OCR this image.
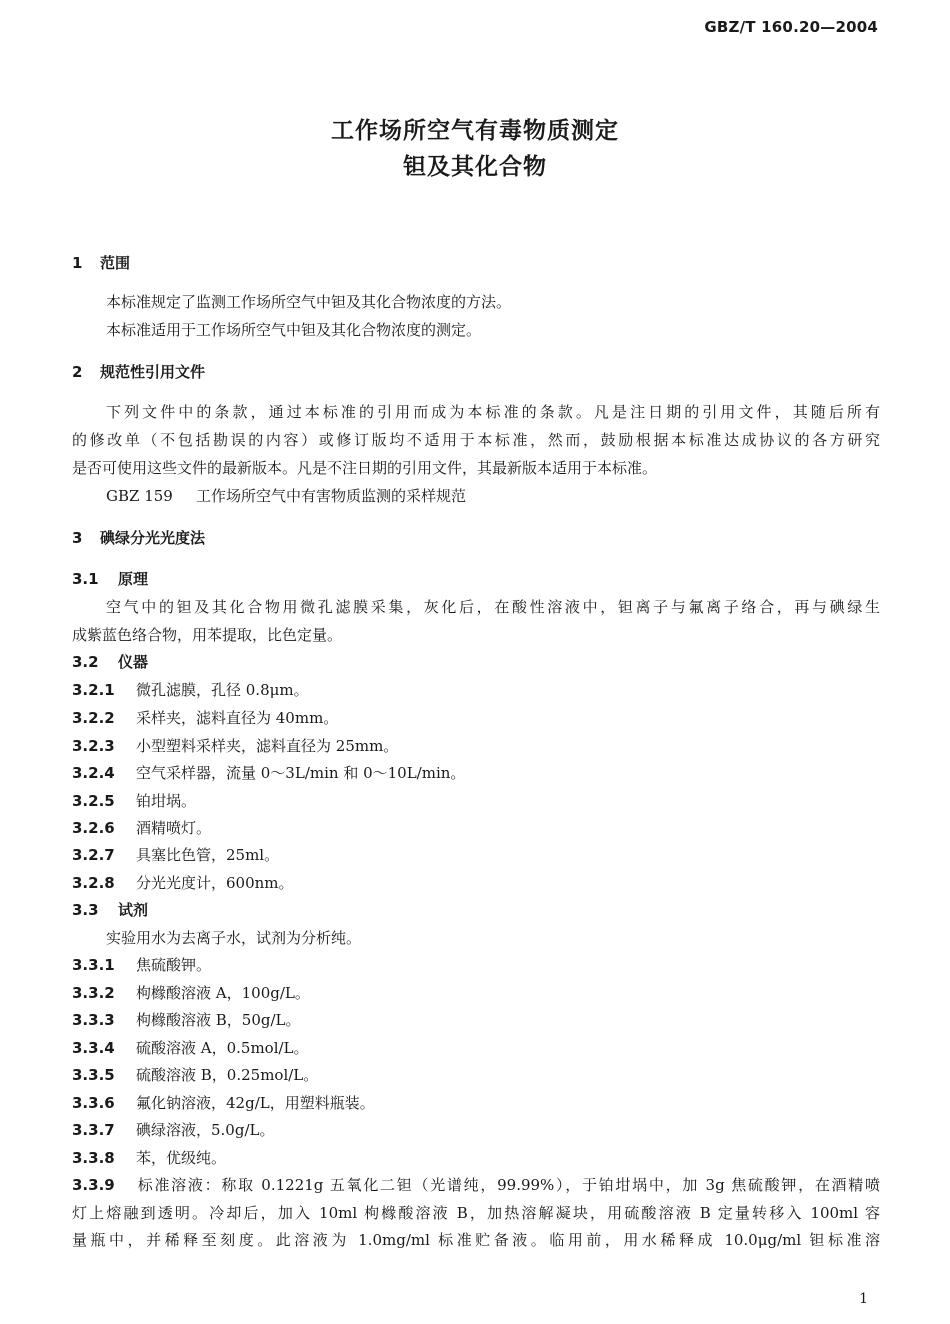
GBZ/T 160.20—2004
工作场所空气有毒物质测定
钽及其化合物
1 范围
本标准规定了监测工作场所空气中钽及其化合物浓度的方法。
本标准适用于工作场所空气中钽及其化合物浓度的测定。
2 规范性引用文件
下列文件中的条款，通过本标准的引用而成为本标准的条款。凡是注日期的引用文件，其随后所有
的修改单（不包括勘误的内容）或修订版均不适用于本标准，然而，鼓励根据本标准达成协议的各方研究
是否可使用这些文件的最新版本。凡是不注日期的引用文件，其最新版本适用于本标准。
GBZ 159 工作场所空气中有害物质监测的采样规范
3 碘绿分光光度法
3.1 原理
空气中的钽及其化合物用微孔滤膜采集，灰化后，在酸性溶液中，钽离子与氟离子络合，再与碘绿生
成紫蓝色络合物，用苯提取，比色定量。
3.2 仪器
3.2.1 微孔滤膜，孔径 0.8μm。
3.2.2 采样夹，滤料直径为 40mm。
3.2.3 小型塑料采样夹，滤料直径为 25mm。
3.2.4 空气采样器，流量 0～3L/min 和 0～10L/min。
3.2.5 铂坩埚。
3.2.6 酒精喷灯。
3.2.7 具塞比色管，25ml。
3.2.8 分光光度计，600nm。
3.3 试剂
实验用水为去离子水，试剂为分析纯。
3.3.1 焦硫酸钾。
3.3.2 枸橼酸溶液 A，100g/L。
3.3.3 枸橼酸溶液 B，50g/L。
3.3.4 硫酸溶液 A，0.5mol/L。
3.3.5 硫酸溶液 B，0.25mol/L。
3.3.6 氟化钠溶液，42g/L，用塑料瓶装。
3.3.7 碘绿溶液，5.0g/L。
3.3.8 苯，优级纯。
3.3.9 标准溶液：称取 0.1221g 五氧化二钽（光谱纯，99.99%），于铂坩埚中，加 3g 焦硫酸钾，在酒精喷
灯上熔融到透明。冷却后，加入 10ml 枸橼酸溶液 B，加热溶解凝块，用硫酸溶液 B 定量转移入 100ml 容
量瓶中，并稀释至刻度。此溶液为 1.0mg/ml 标准贮备液。临用前，用水稀释成 10.0μg/ml 钽标准溶
1
